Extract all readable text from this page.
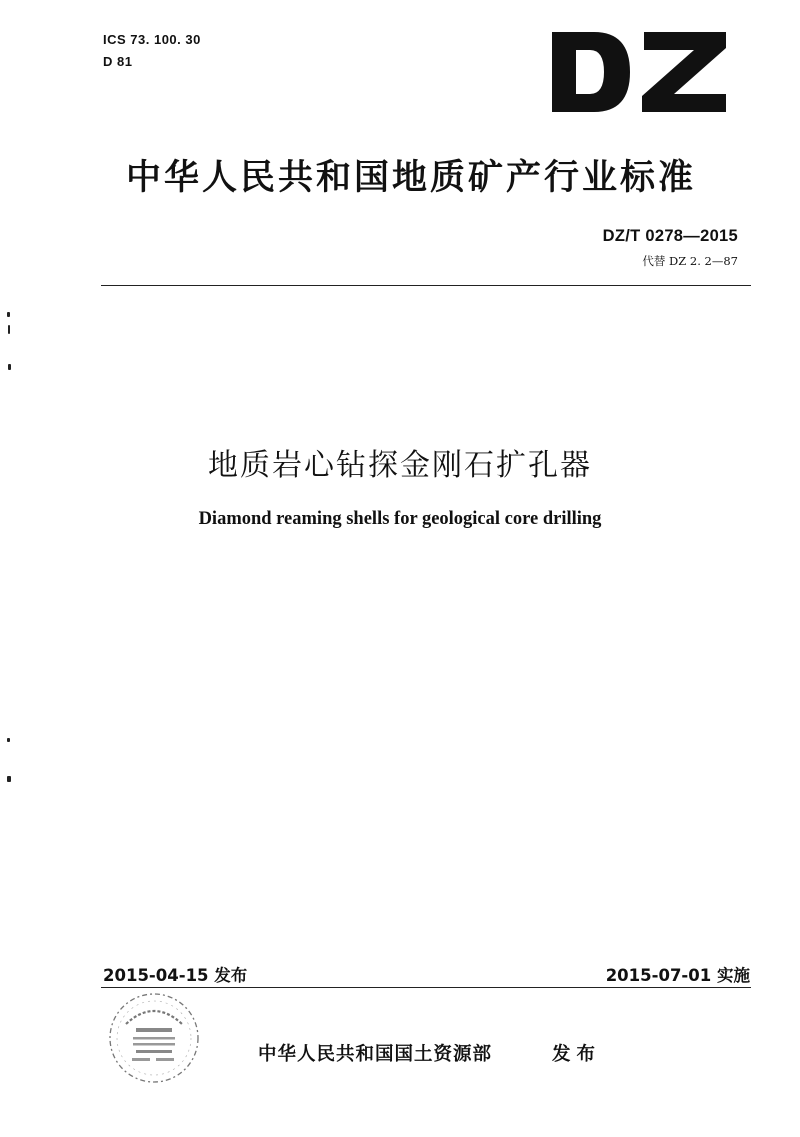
ICS 73. 100. 30
D 81
中华人民共和国地质矿产行业标准
DZ/T 0278—2015
代替 DZ 2. 2—87
地质岩心钻探金刚石扩孔器
Diamond reaming shells for geological core drilling
2015-04-15 发布	2015-07-01 实施
中华人民共和国国土资源部	发布
